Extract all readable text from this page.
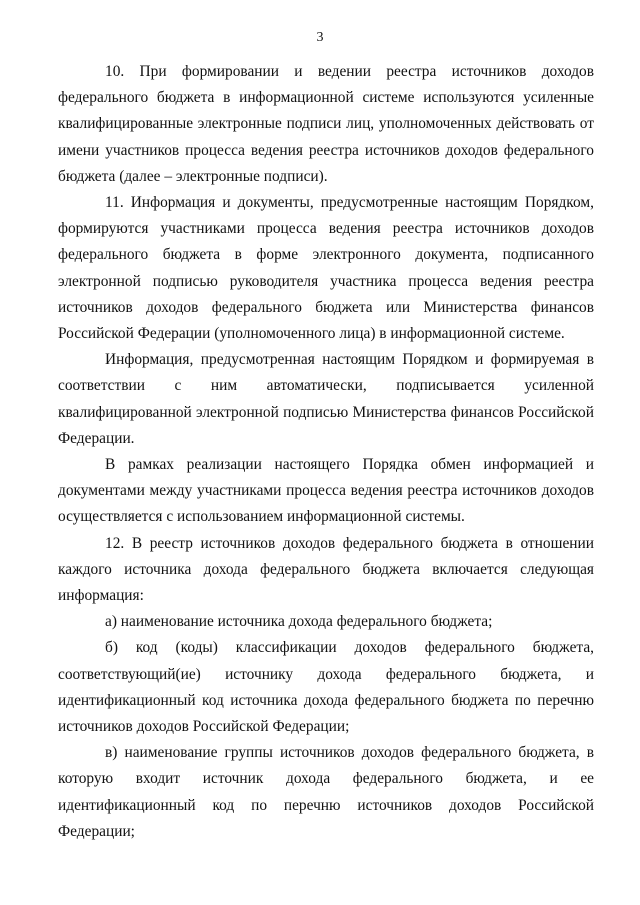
3

10. При формировании и ведении реестра источников доходов федерального бюджета в информационной системе используются усиленные квалифицированные электронные подписи лиц, уполномоченных действовать от имени участников процесса ведения реестра источников доходов федерального бюджета (далее – электронные подписи).

11. Информация и документы, предусмотренные настоящим Порядком, формируются участниками процесса ведения реестра источников доходов федерального бюджета в форме электронного документа, подписанного электронной подписью руководителя участника процесса ведения реестра источников доходов федерального бюджета или Министерства финансов Российской Федерации (уполномоченного лица) в информационной системе.

Информация, предусмотренная настоящим Порядком и формируемая в соответствии с ним автоматически, подписывается усиленной квалифицированной электронной подписью Министерства финансов Российской Федерации.

В рамках реализации настоящего Порядка обмен информацией и документами между участниками процесса ведения реестра источников доходов осуществляется с использованием информационной системы.

12. В реестр источников доходов федерального бюджета в отношении каждого источника дохода федерального бюджета включается следующая информация:

а) наименование источника дохода федерального бюджета;

б) код (коды) классификации доходов федерального бюджета, соответствующий(ие) источнику дохода федерального бюджета, и идентификационный код источника дохода федерального бюджета по перечню источников доходов Российской Федерации;

в) наименование группы источников доходов федерального бюджета, в которую входит источник дохода федерального бюджета, и ее идентификационный код по перечню источников доходов Российской Федерации;
